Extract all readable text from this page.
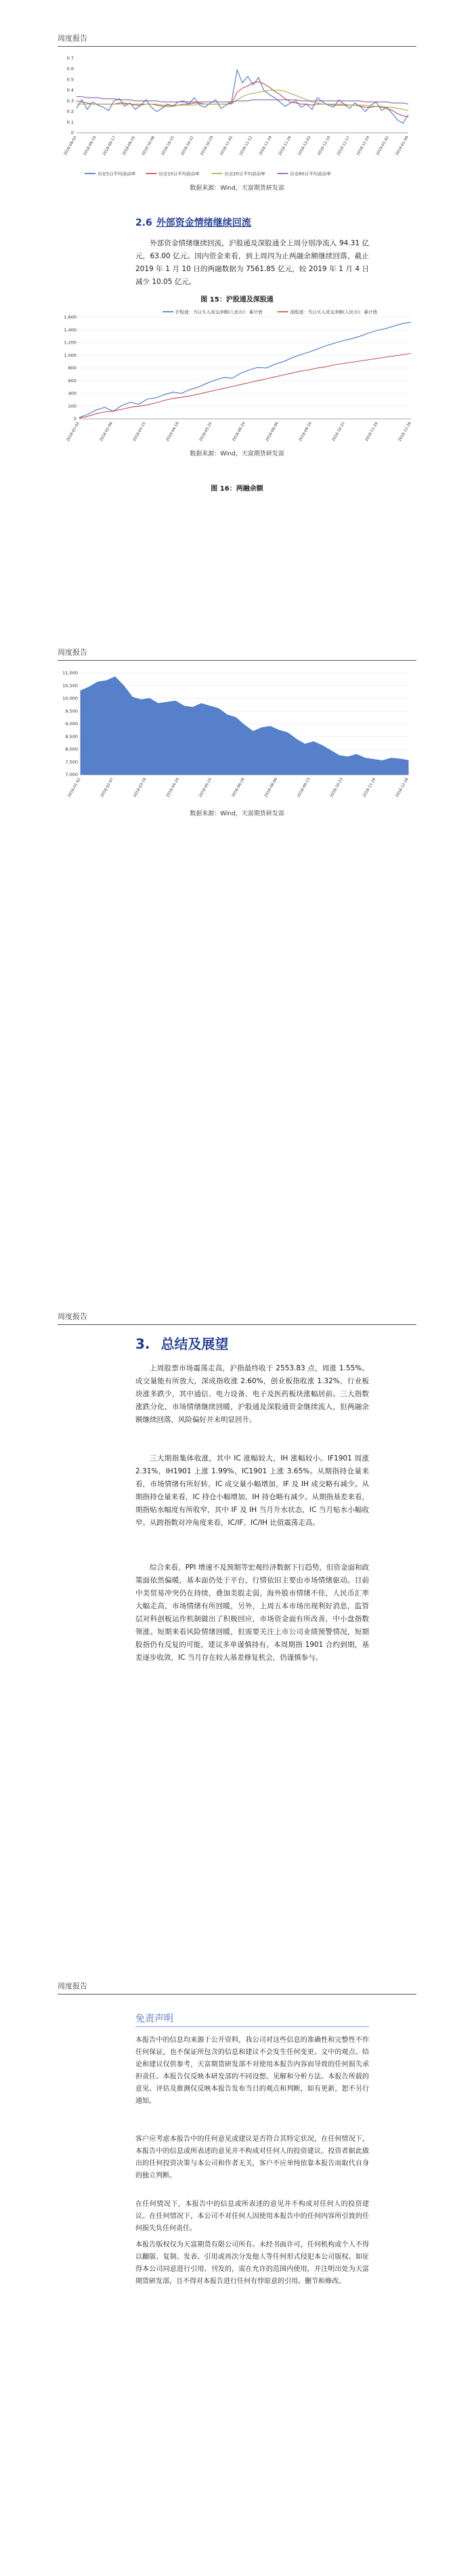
周度报告
0
0.1
0.2
0.3
0.4
0.5
0.6
0.7
2018-09-03 2018-09-10 2018-09-17 2018-09-25 2018-10-08 2018-10-15 2018-10-22 2018-10-29 2018-11-05 2018-11-12 2018-11-19 2018-11-26 2018-12-03 2018-12-10 2018-12-17 2018-12-24 2019-01-02 2019-01-09
历史5日平均波动率	历史10日平均波动率	历史20日平均波动率	历史60日平均波动率
数据来源：Wind，天富期货研发部
2.6 外部资金情绪继续回流
外部资金情绪继续回流，沪股通及深股通全上周分别净流入 94.31 亿元，63.00 亿元。国内资金来看，到上周四为止两融余额继续回落，截止 2019 年 1 月 10 日的两融数据为 7561.85 亿元，较 2019 年 1 月 4 日减少 10.05 亿元。
图 15：沪股通及深股通
沪股通：当日买入成交净额(人民币)：累计值	深股通：当日买入成交净额(人民币)：累计值
0
200
400
600
800
1,000
1,200
1,400
1,600
2018-01-02	2018-02-06	2018-03-15	2018-04-19	2018-05-25	2018-06-29	2018-08-06	2018-09-10	2018-10-22	2018-11-26	2018-12-28
数据来源：Wind，天富期货研发部
图 16：两融余额
周度报告
7,000
7,500
8,000
8,500
9,000
9,500
10,000
10,500
11,000
2018-01-02	2018-02-07	2018-03-16	2018-04-20	2018-05-25	2018-06-28	2018-08-06	2018-09-13	2018-10-23	2018-11-26	2018-12-28
数据来源：Wind，天富期货研发部
周度报告
3. 总结及展望
上周股票市场震荡走高，沪指最终收于 2553.83 点，周涨 1.55%。成交量能有所放大，深成指收涨 2.60%，创业板指收涨 1.32%，行业板块涨多跌少，其中通信、电力设备、电子及医药板块涨幅居前。三大指数涨跌分化，市场情绪继续回暖，沪股通及深股通资金继续流入，但两融余额继续回落，风险偏好并未明显回升。
三大期指集体收涨，其中 IC 涨幅较大，IH 涨幅较小。IF1901 周涨 2.31%，IH1901 上涨 1.99%，IC1901 上涨 3.65%。从期指持仓量来看，市场情绪有所好转，IC 成交量小幅增加，IF 及 IH 成交略有减少。从期指持仓量来看，IC 持仓小幅增加，IH 持仓略有减少。从期指基差来看，期指贴水幅度有所收窄，其中 IF 及 IH 当月升水状态，IC 当月贴水小幅收窄。从跨指数对冲角度来看，IC/IF、IC/IH 比值震荡走高。
综合来看，PPI 增速不及预期等宏观经济数据下行趋势，但资金面和政策面依然偏暖，基本面仍处于平台，行情依旧主要由市场情绪驱动。目前中美贸易冲突仍在持续，叠加美股走弱，海外股市情绪不佳，人民币汇率大幅走高，市场情绪有所回暖，另外，上周五本市场出现利好消息，监管层对科创板运作机制做出了积极回应，市场资金面有所改善，中小盘指数领涨。短期来看风险情绪回暖，但需要关注上市公司业绩预警情况，短期股指仍有反复的可能，建议多单谨慎持有。本周期指 1901 合约到期，基差逐步收敛，IC 当月存在较大基差修复机会，仍谨慎参与。
周度报告
免责声明
本报告中的信息均来源于公开资料，我公司对这些信息的准确性和完整性不作任何保证，也不保证所包含的信息和建议不会发生任何变更。文中的观点、结论和建议仅供参考，天富期货研发部不对使用本报告内容而导致的任何损失承担责任。本报告仅反映本研发部的不同设想、见解和分析方法。本报告所载的意见、评估及推测仅反映本报告发布当日的观点和判断，如有更新，恕不另行通知。
客户应考虑本报告中的任何意见或建议是否符合其特定状况，在任何情况下，本报告中的信息或所表述的意见并不构成对任何人的投资建议。投资者据此做出的任何投资决策与本公司和作者无关，客户不应单纯依靠本报告而取代自身的独立判断。
在任何情况下，本报告中的信息或所表述的意见并不构成对任何人的投资建议。在任何情况下，本公司不对任何人因使用本报告中的任何内容所引致的任何损失负任何责任。
本报告版权仅为天富期货有限公司所有。未经书面许可，任何机构或个人不得以翻版、复制、发表、引用或再次分发他人等任何形式侵犯本公司版权。如征得本公司同意进行引用、刊发的，需在允许的范围内使用，并注明出处为天富期货研发部，且不得对本报告进行任何有悖原意的引用、删节和修改。
